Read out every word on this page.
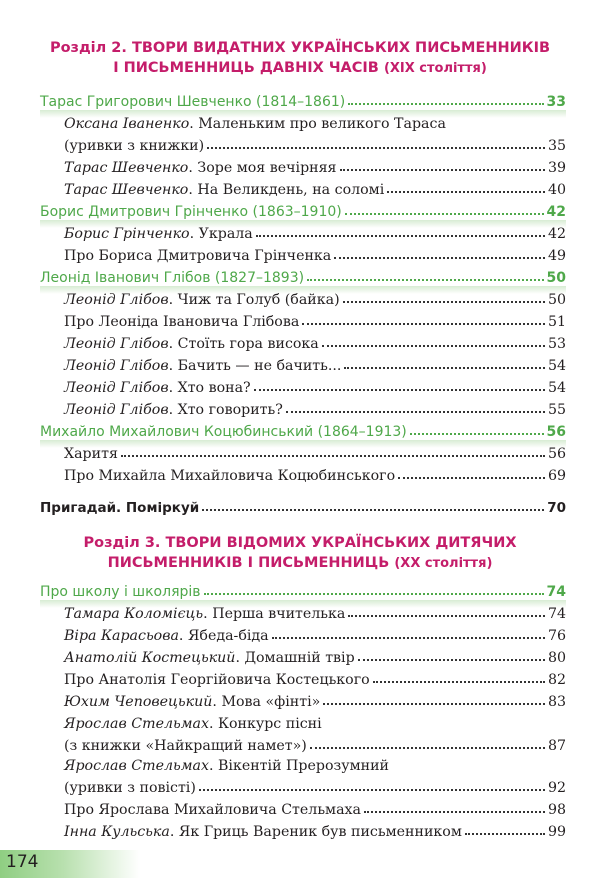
Розділ 2. ТВОРИ ВИДАТНИХ УКРАЇНСЬКИХ ПИСЬМЕННИКІВ
І ПИСЬМЕННИЦЬ ДАВНІХ ЧАСІВ (ХІХ століття)
Розділ 3. ТВОРИ ВІДОМИХ УКРАЇНСЬКИХ ДИТЯЧИХ
ПИСЬМЕННИКІВ І ПИСЬМЕННИЦЬ (ХХ століття)
Тарас Григорович Шевченко (1814–1861)	33
Оксана Іваненко. Маленьким про великого Тараса
(уривки з книжки)	35
Тарас Шевченко. Зоре моя вечірняя	39
Тарас Шевченко. На Великдень, на соломі	40
Борис Дмитрович Грінченко (1863–1910)	42
Борис Грінченко. Украла	42
Про Бориса Дмитровича Грінченка	49
Леонід Іванович Глібов (1827–1893)	50
Леонід Глібов. Чиж та Голуб (байка)	50
Про Леоніда Івановича Глібова	51
Леонід Глібов. Стоїть гора висока	53
Леонід Глібов. Бачить — не бачить...	54
Леонід Глібов. Хто вона?	54
Леонід Глібов. Хто говорить?	55
Михайло Михайлович Коцюбинський (1864–1913)	56
Харитя	56
Про Михайла Михайловича Коцюбинського	69
Пригадай. Поміркуй	70
Про школу і школярів	74
Тамара Коломієць. Перша вчителька	74
Віра Карасьова. Ябеда-біда	76
Анатолій Костецький. Домашній твір	80
Про Анатолія Георгійовича Костецького	82
Юхим Чеповецький. Мова «фінті»	83
Ярослав Стельмах. Конкурс пісні
(з книжки «Найкращий намет»)	87
Ярослав Стельмах. Вікентій Прерозумний
(уривки з повісті)	92
Про Ярослава Михайловича Стельмаха	98
Інна Кульська. Як Гриць Вареник був письменником	99
174
